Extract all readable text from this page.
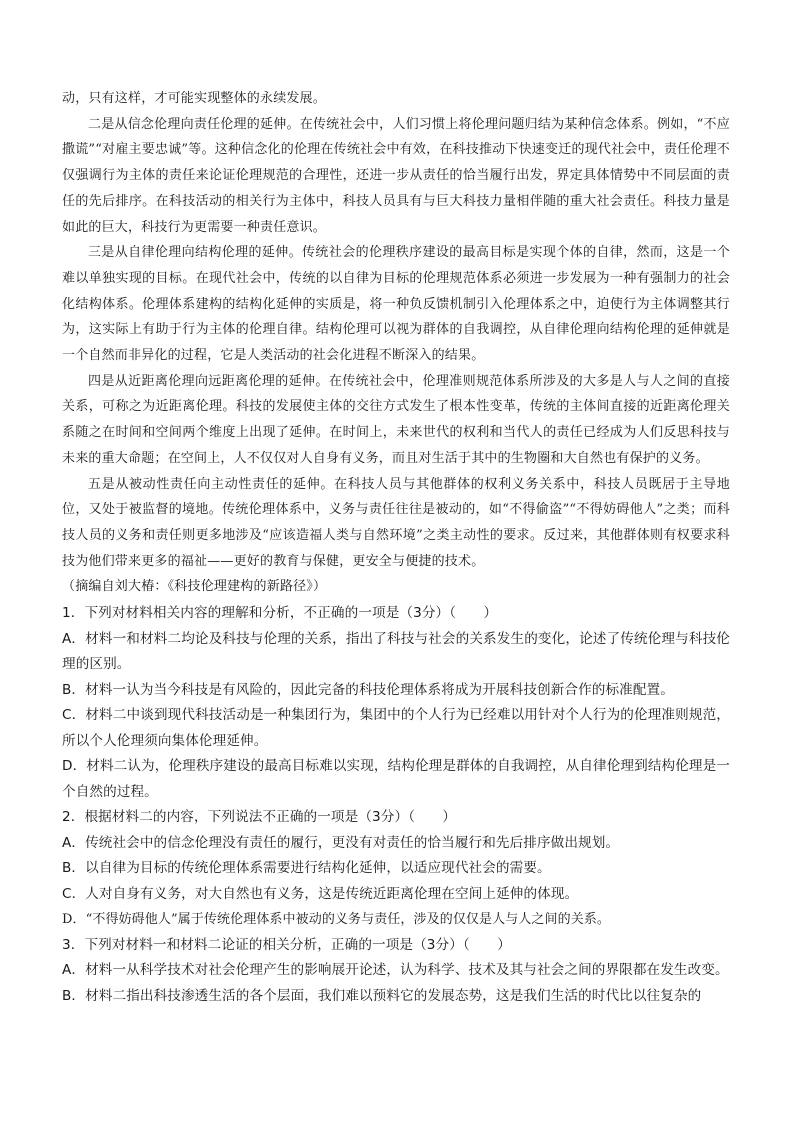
动，只有这样，才可能实现整体的永续发展。

二是从信念伦理向责任伦理的延伸。在传统社会中，人们习惯上将伦理问题归结为某种信念体系。例如，“不应撒谎”“对雇主要忠诚”等。这种信念化的伦理在传统社会中有效，在科技推动下快速变迁的现代社会中，责任伦理不仅强调行为主体的责任来论证伦理规范的合理性，还进一步从责任的恰当履行出发，界定具体情势中不同层面的责任的先后排序。在科技活动的相关行为主体中，科技人员具有与巨大科技力量相伴随的重大社会责任。科技力量是如此的巨大，科技行为更需要一种责任意识。

三是从自律伦理向结构伦理的延伸。传统社会的伦理秩序建设的最高目标是实现个体的自律，然而，这是一个难以单独实现的目标。在现代社会中，传统的以自律为目标的伦理规范体系必须进一步发展为一种有强制力的社会化结构体系。伦理体系建构的结构化延伸的实质是，将一种负反馈机制引入伦理体系之中，迫使行为主体调整其行为，这实际上有助于行为主体的伦理自律。结构伦理可以视为群体的自我调控，从自律伦理向结构伦理的延伸就是一个自然而非异化的过程，它是人类活动的社会化进程不断深入的结果。

四是从近距离伦理向远距离伦理的延伸。在传统社会中，伦理准则规范体系所涉及的大多是人与人之间的直接关系，可称之为近距离伦理。科技的发展使主体的交往方式发生了根本性变革，传统的主体间直接的近距离伦理关系随之在时间和空间两个维度上出现了延伸。在时间上，未来世代的权利和当代人的责任已经成为人们反思科技与未来的重大命题；在空间上，人不仅仅对人自身有义务，而且对生活于其中的生物圈和大自然也有保护的义务。

五是从被动性责任向主动性责任的延伸。在科技人员与其他群体的权利义务关系中，科技人员既居于主导地位，又处于被监督的境地。传统伦理体系中，义务与责任往往是被动的，如“不得偷盗”“不得妨碍他人”之类；而科技人员的义务和责任则更多地涉及“应该造福人类与自然环境”之类主动性的要求。反过来，其他群体则有权要求科技为他们带来更多的福祉——更好的教育与保健，更安全与便捷的技术。

（摘编自刘大椿：《科技伦理建构的新路径》）

1．下列对材料相关内容的理解和分析，不正确的一项是（3分）（　　）

A．材料一和材料二均论及科技与伦理的关系，指出了科技与社会的关系发生的变化，论述了传统伦理与科技伦理的区别。

B．材料一认为当今科技是有风险的，因此完备的科技伦理体系将成为开展科技创新合作的标准配置。

C．材料二中谈到现代科技活动是一种集团行为，集团中的个人行为已经难以用针对个人行为的伦理准则规范，所以个人伦理须向集体伦理延伸。

D．材料二认为，伦理秩序建设的最高目标难以实现，结构伦理是群体的自我调控，从自律伦理到结构伦理是一个自然的过程。

2．根据材料二的内容，下列说法不正确的一项是（3分）（　　）

A．传统社会中的信念伦理没有责任的履行，更没有对责任的恰当履行和先后排序做出规划。

B．以自律为目标的传统伦理体系需要进行结构化延伸，以适应现代社会的需要。

C．人对自身有义务，对大自然也有义务，这是传统近距离伦理在空间上延伸的体现。

D．“不得妨碍他人”属于传统伦理体系中被动的义务与责任，涉及的仅仅是人与人之间的关系。

3．下列对材料一和材料二论证的相关分析，正确的一项是（3分）（　　）

A．材料一从科学技术对社会伦理产生的影响展开论述，认为科学、技术及其与社会之间的界限都在发生改变。

B．材料二指出科技渗透生活的各个层面，我们难以预料它的发展态势，这是我们生活的时代比以往复杂的
